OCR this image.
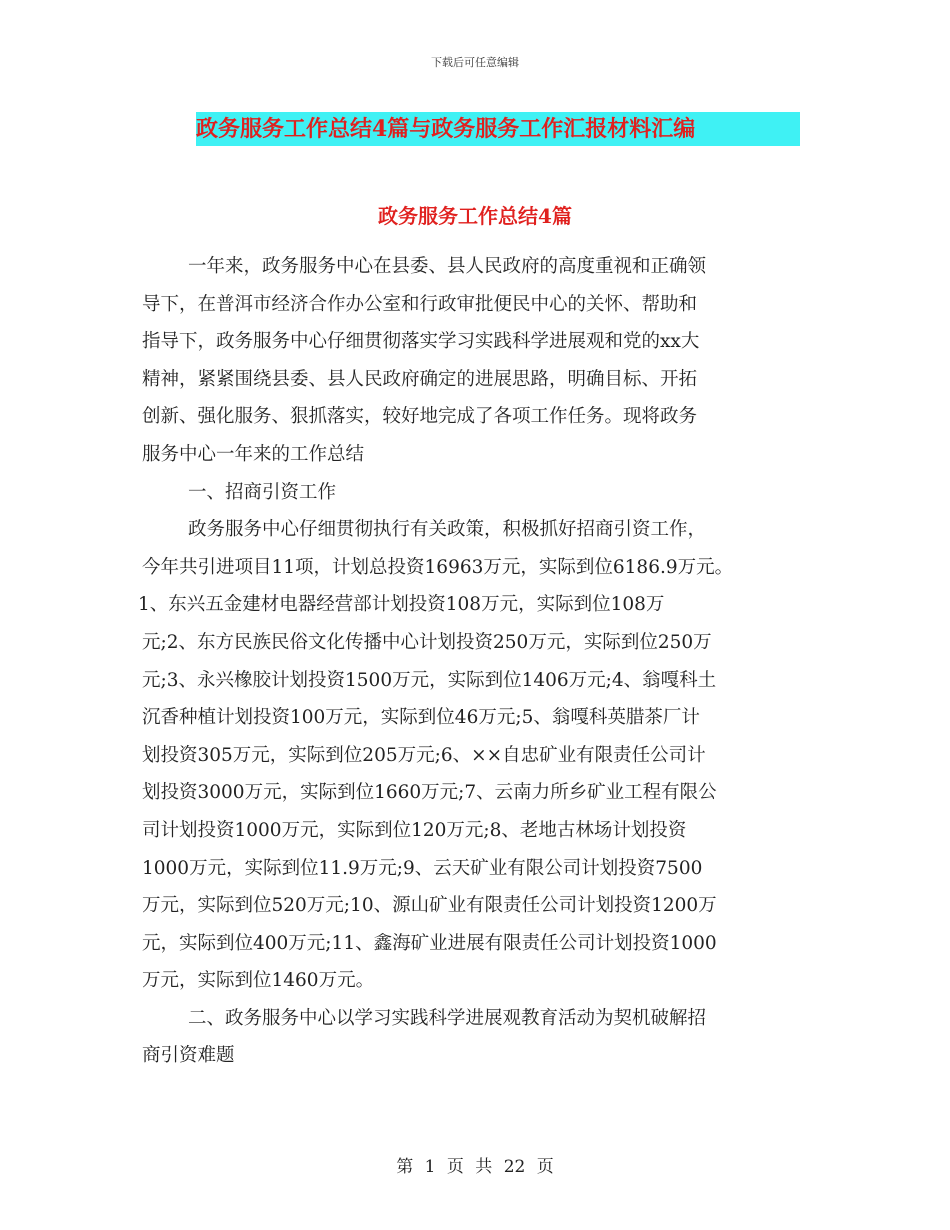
下载后可任意编辑
政务服务工作总结4篇与政务服务工作汇报材料汇编
政务服务工作总结4篇
一年来，政务服务中心在县委、县人民政府的高度重视和正确领
导下，在普洱市经济合作办公室和行政审批便民中心的关怀、帮助和
指导下，政务服务中心仔细贯彻落实学习实践科学进展观和党的xx大
精神，紧紧围绕县委、县人民政府确定的进展思路，明确目标、开拓
创新、强化服务、狠抓落实，较好地完成了各项工作任务。现将政务
服务中心一年来的工作总结
一、招商引资工作
政务服务中心仔细贯彻执行有关政策，积极抓好招商引资工作，
今年共引进项目11项，计划总投资16963万元，实际到位6186.9万元。
1、东兴五金建材电器经营部计划投资108万元，实际到位108万
元;2、东方民族民俗文化传播中心计划投资250万元，实际到位250万
元;3、永兴橡胶计划投资1500万元，实际到位1406万元;4、翁嘎科土
沉香种植计划投资100万元，实际到位46万元;5、翁嘎科英腊茶厂计
划投资305万元，实际到位205万元;6、××自忠矿业有限责任公司计
划投资3000万元，实际到位1660万元;7、云南力所乡矿业工程有限公
司计划投资1000万元，实际到位120万元;8、老地古林场计划投资
1000万元，实际到位11.9万元;9、云天矿业有限公司计划投资7500
万元，实际到位520万元;10、源山矿业有限责任公司计划投资1200万
元，实际到位400万元;11、鑫海矿业进展有限责任公司计划投资1000
万元，实际到位1460万元。
二、政务服务中心以学习实践科学进展观教育活动为契机破解招
商引资难题
第 1 页 共 22 页
